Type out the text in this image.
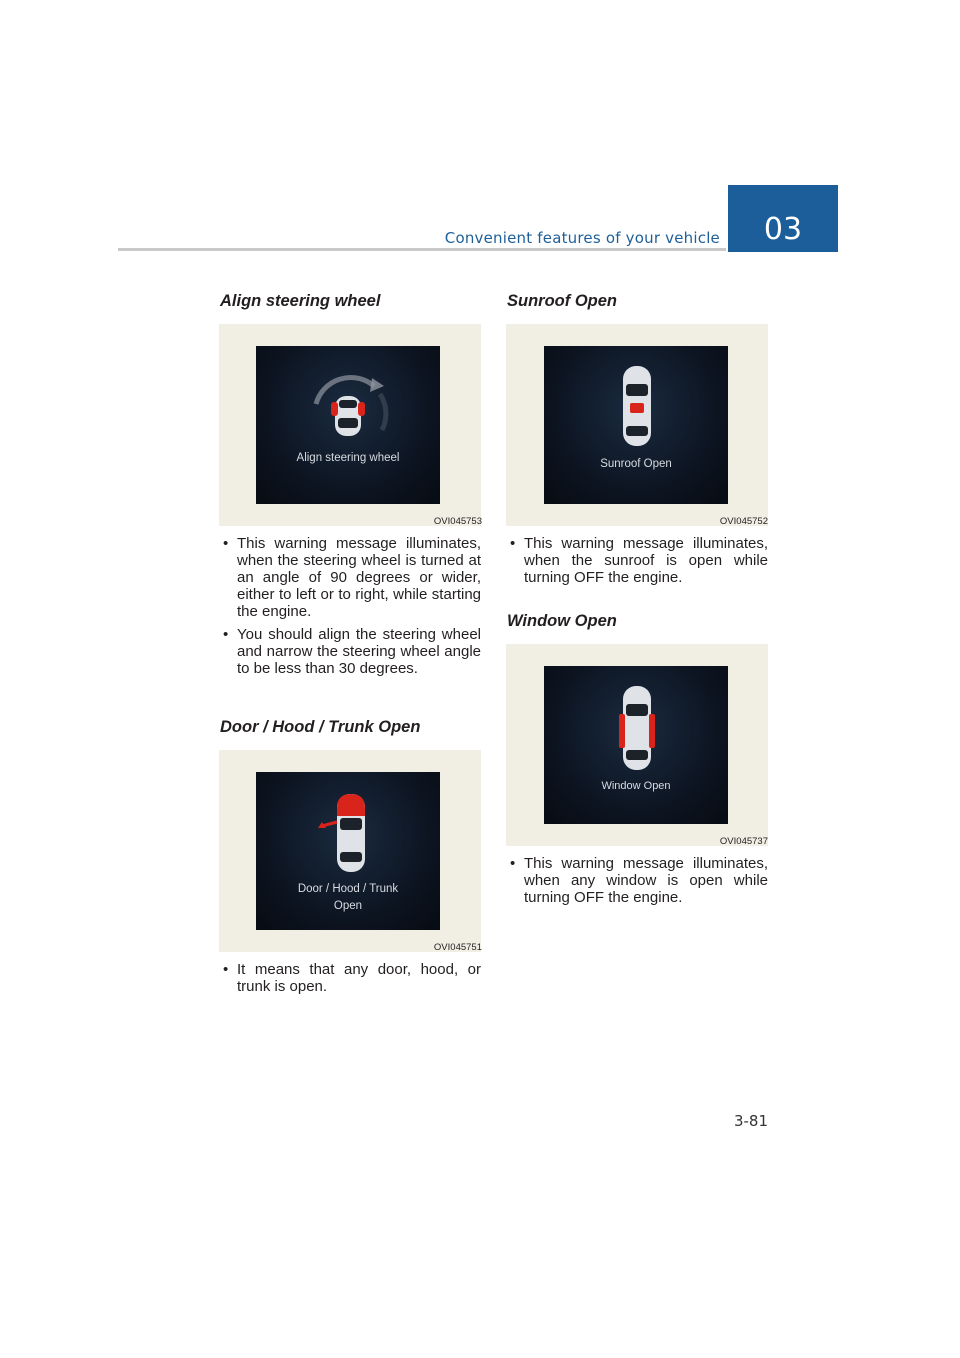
Convenient features of your vehicle	03
Align steering wheel
Align steering wheel
OVI045753
• This warning message illuminates, when the steering wheel is turned at an angle of 90 degrees or wider, either to left or to right, while starting the engine.
• You should align the steering wheel and narrow the steering wheel angle to be less than 30 degrees.
Door / Hood / Trunk Open
Door / Hood / Trunk
Open
OVI045751
• It means that any door, hood, or trunk is open.
Sunroof Open
Sunroof Open
OVI045752
• This warning message illuminates, when the sunroof is open while turning OFF the engine.
Window Open
Window Open
OVI045737
• This warning message illuminates, when any window is open while turning OFF the engine.
3-81
